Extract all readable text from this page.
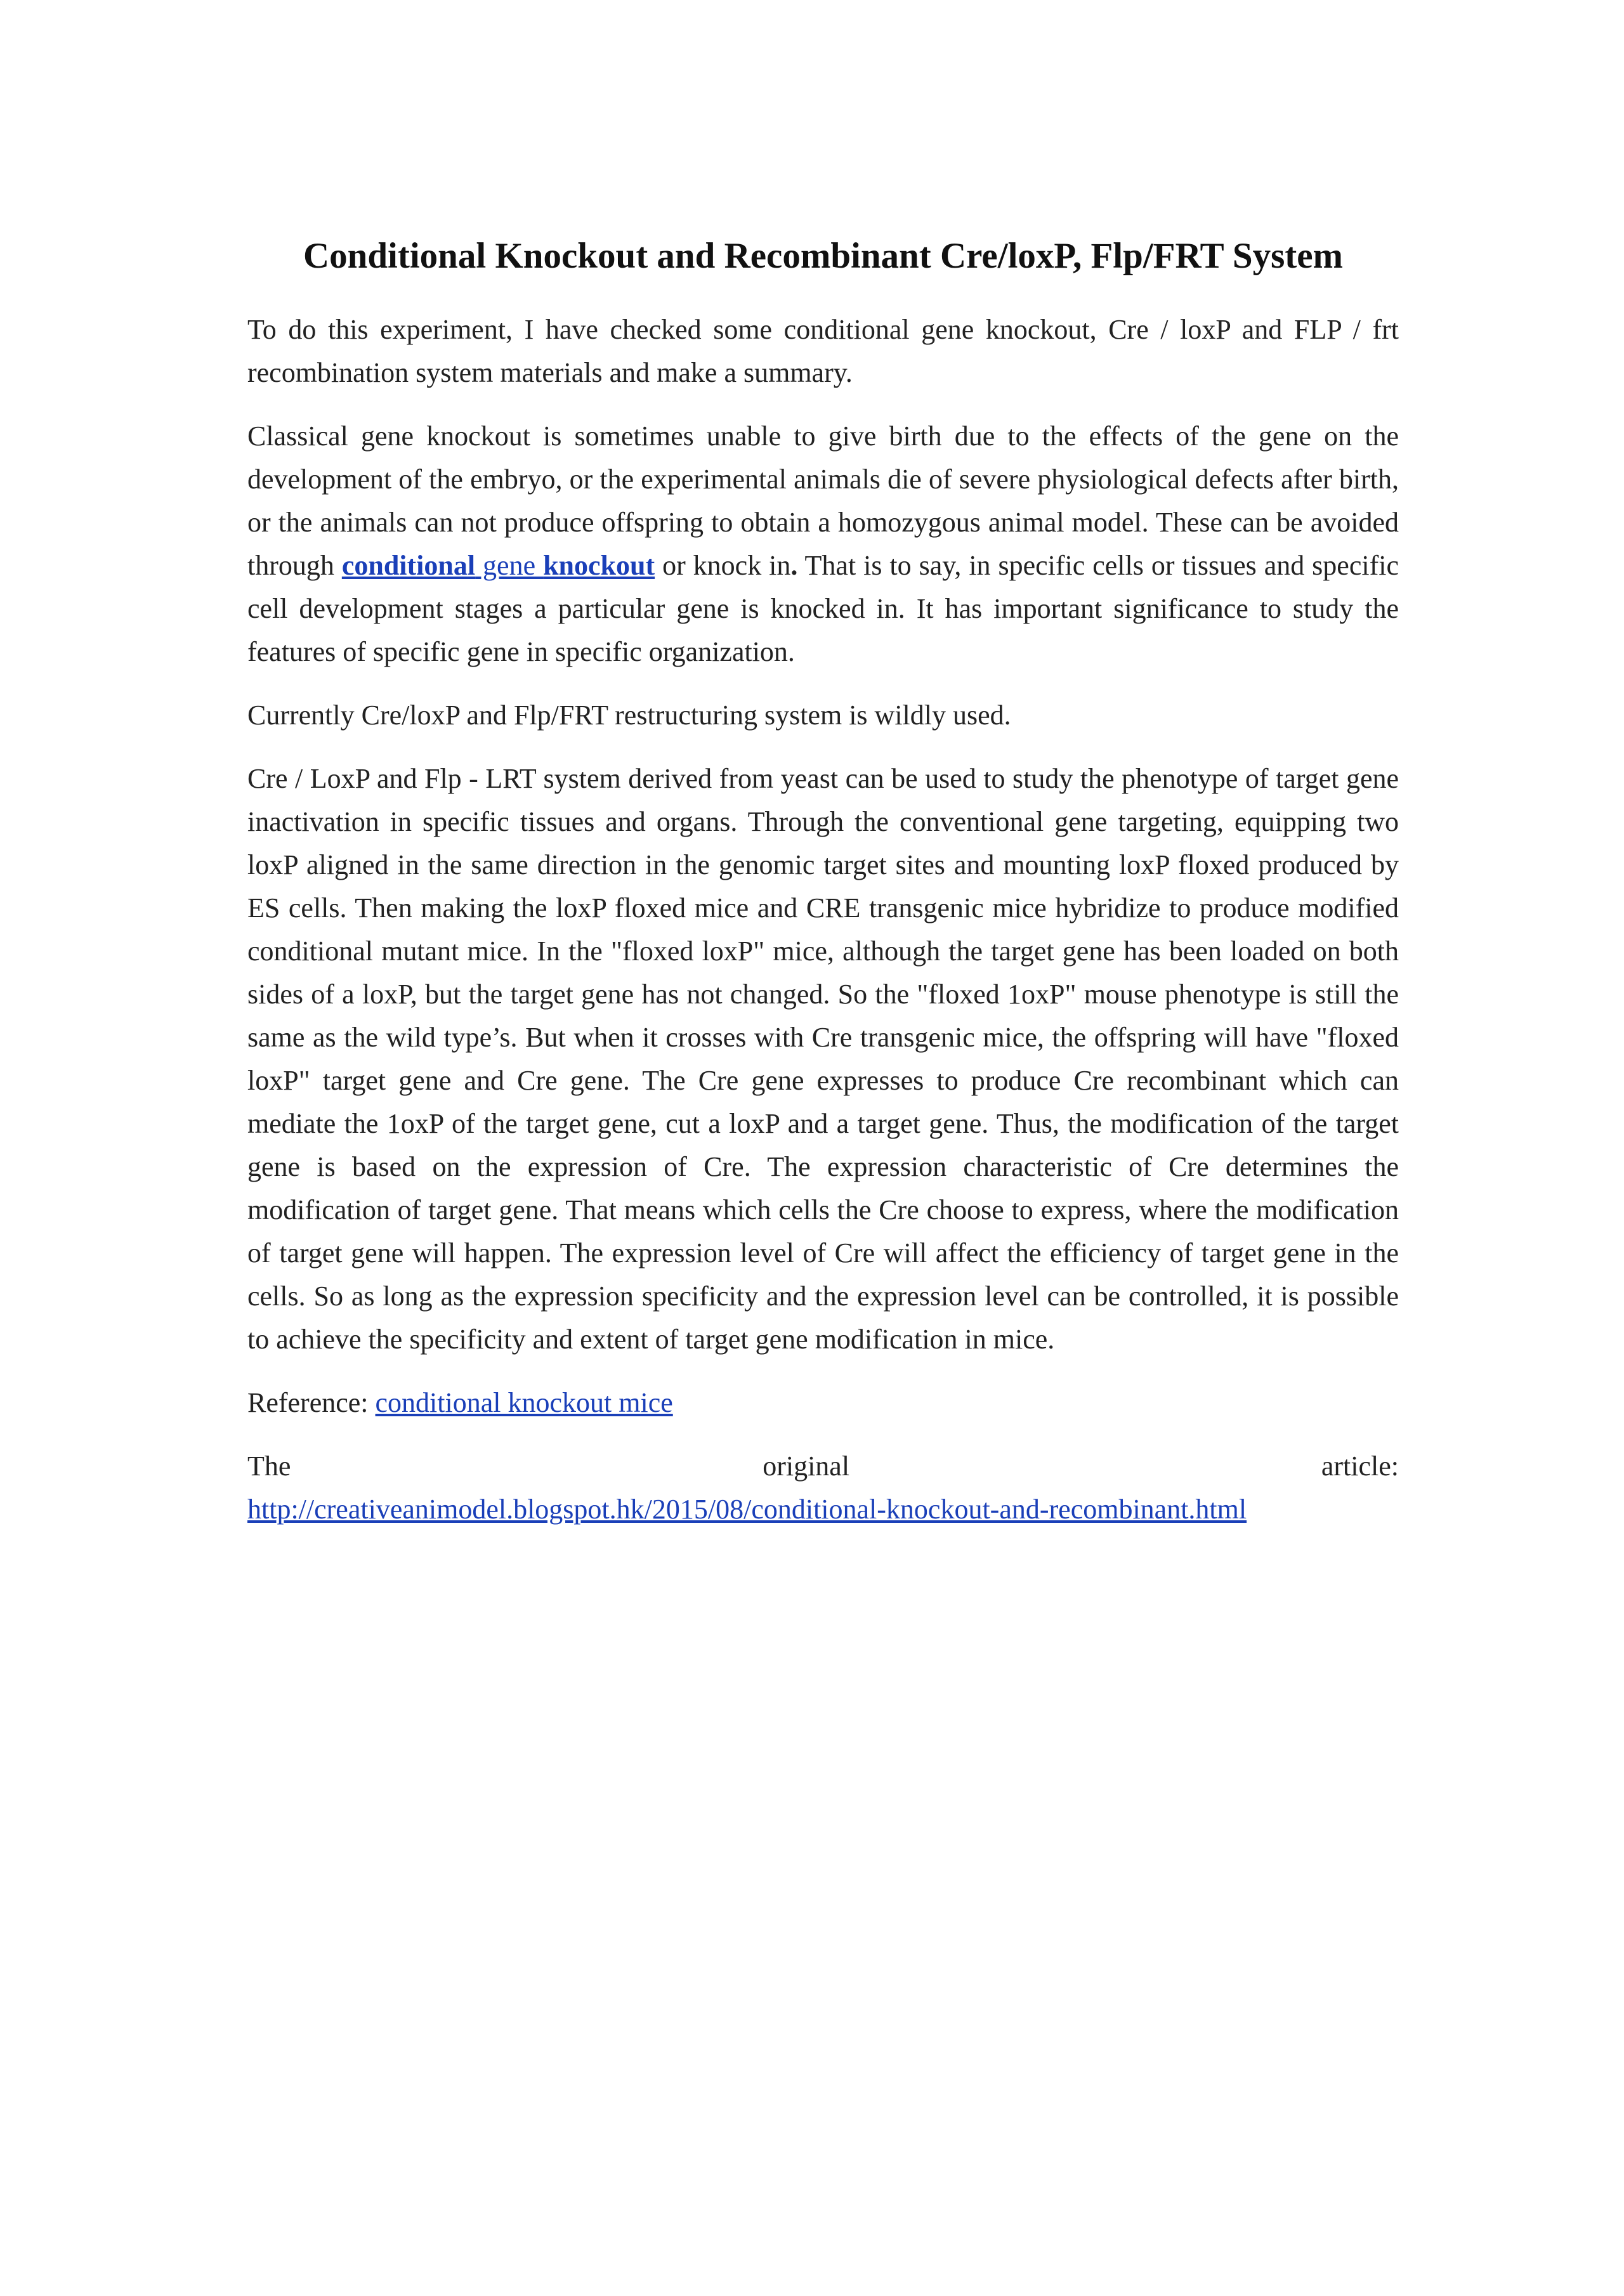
Conditional Knockout and Recombinant Cre/loxP, Flp/FRT System

To do this experiment, I have checked some conditional gene knockout, Cre / loxP and FLP / frt recombination system materials and make a summary.

Classical gene knockout is sometimes unable to give birth due to the effects of the gene on the development of the embryo, or the experimental animals die of severe physiological defects after birth, or the animals can not produce offspring to obtain a homozygous animal model. These can be avoided through conditional gene knockout or knock in. That is to say, in specific cells or tissues and specific cell development stages a particular gene is knocked in. It has important significance to study the features of specific gene in specific organization.

Currently Cre/loxP and Flp/FRT restructuring system is wildly used.

Cre / LoxP and Flp - LRT system derived from yeast can be used to study the phenotype of target gene inactivation in specific tissues and organs. Through the conventional gene targeting, equipping two loxP aligned in the same direction in the genomic target sites and mounting loxP floxed produced by ES cells. Then making the loxP floxed mice and CRE transgenic mice hybridize to produce modified conditional mutant mice. In the "floxed loxP" mice, although the target gene has been loaded on both sides of a loxP, but the target gene has not changed. So the "floxed 1oxP" mouse phenotype is still the same as the wild type’s. But when it crosses with Cre transgenic mice, the offspring will have "floxed loxP" target gene and Cre gene. The Cre gene expresses to produce Cre recombinant which can mediate the 1oxP of the target gene, cut a loxP and a target gene. Thus, the modification of the target gene is based on the expression of Cre. The expression characteristic of Cre determines the modification of target gene. That means which cells the Cre choose to express, where the modification of target gene will happen. The expression level of Cre will affect the efficiency of target gene in the cells. So as long as the expression specificity and the expression level can be controlled, it is possible to achieve the specificity and extent of target gene modification in mice.

Reference: conditional knockout mice

The	original	article:
http://creativeanimodel.blogspot.hk/2015/08/conditional-knockout-and-recombinant.html
